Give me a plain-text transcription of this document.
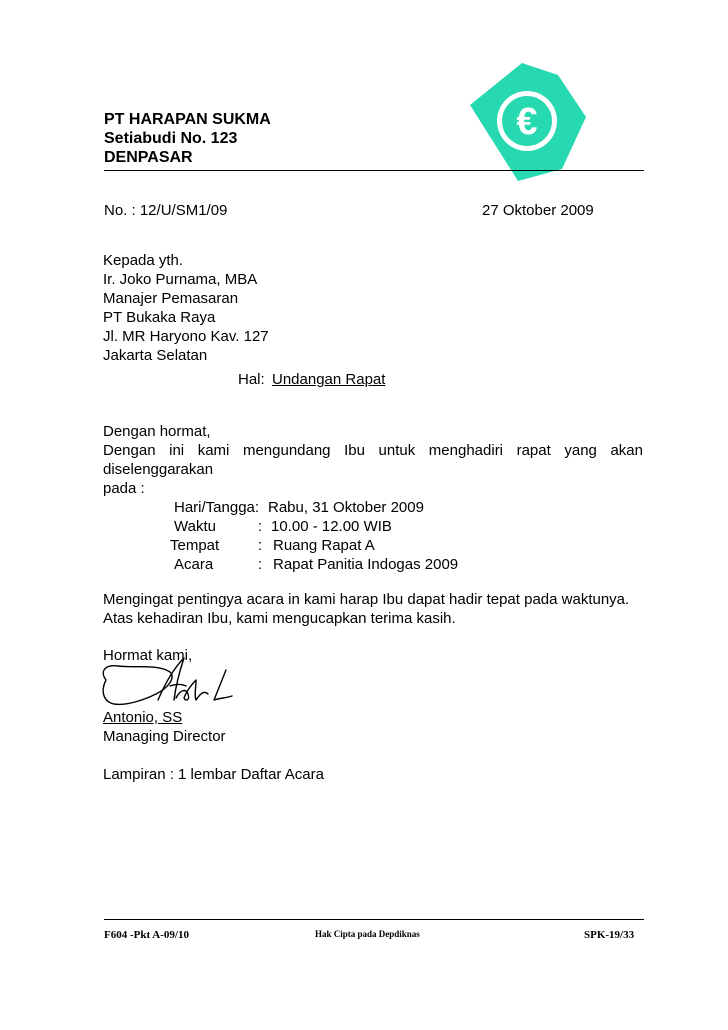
PT HARAPAN SUKMA
Setiabudi No. 123
DENPASAR
€
No. : 12/U/SM1/09	27 Oktober 2009
Kepada yth.
Ir. Joko Purnama, MBA
Manajer Pemasaran
PT Bukaka Raya
Jl. MR Haryono Kav. 127
Jakarta Selatan
Hal: Undangan Rapat
Dengan hormat,
Dengan ini kami mengundang Ibu untuk menghadiri rapat yang akan
diselenggarakan
pada :
Hari/Tangga: Rabu, 31 Oktober 2009
Waktu	: 10.00 - 12.00 WIB
Tempat	: Ruang Rapat A
Acara	: Rapat Panitia Indogas 2009
Mengingat pentingya acara in kami harap Ibu dapat hadir tepat pada waktunya.
Atas kehadiran Ibu, kami mengucapkan terima kasih.
Hormat kami,
Antonio, SS
Managing Director
Lampiran : 1 lembar Daftar Acara
F604 -Pkt A-09/10	Hak Cipta pada Depdiknas	SPK-19/33
